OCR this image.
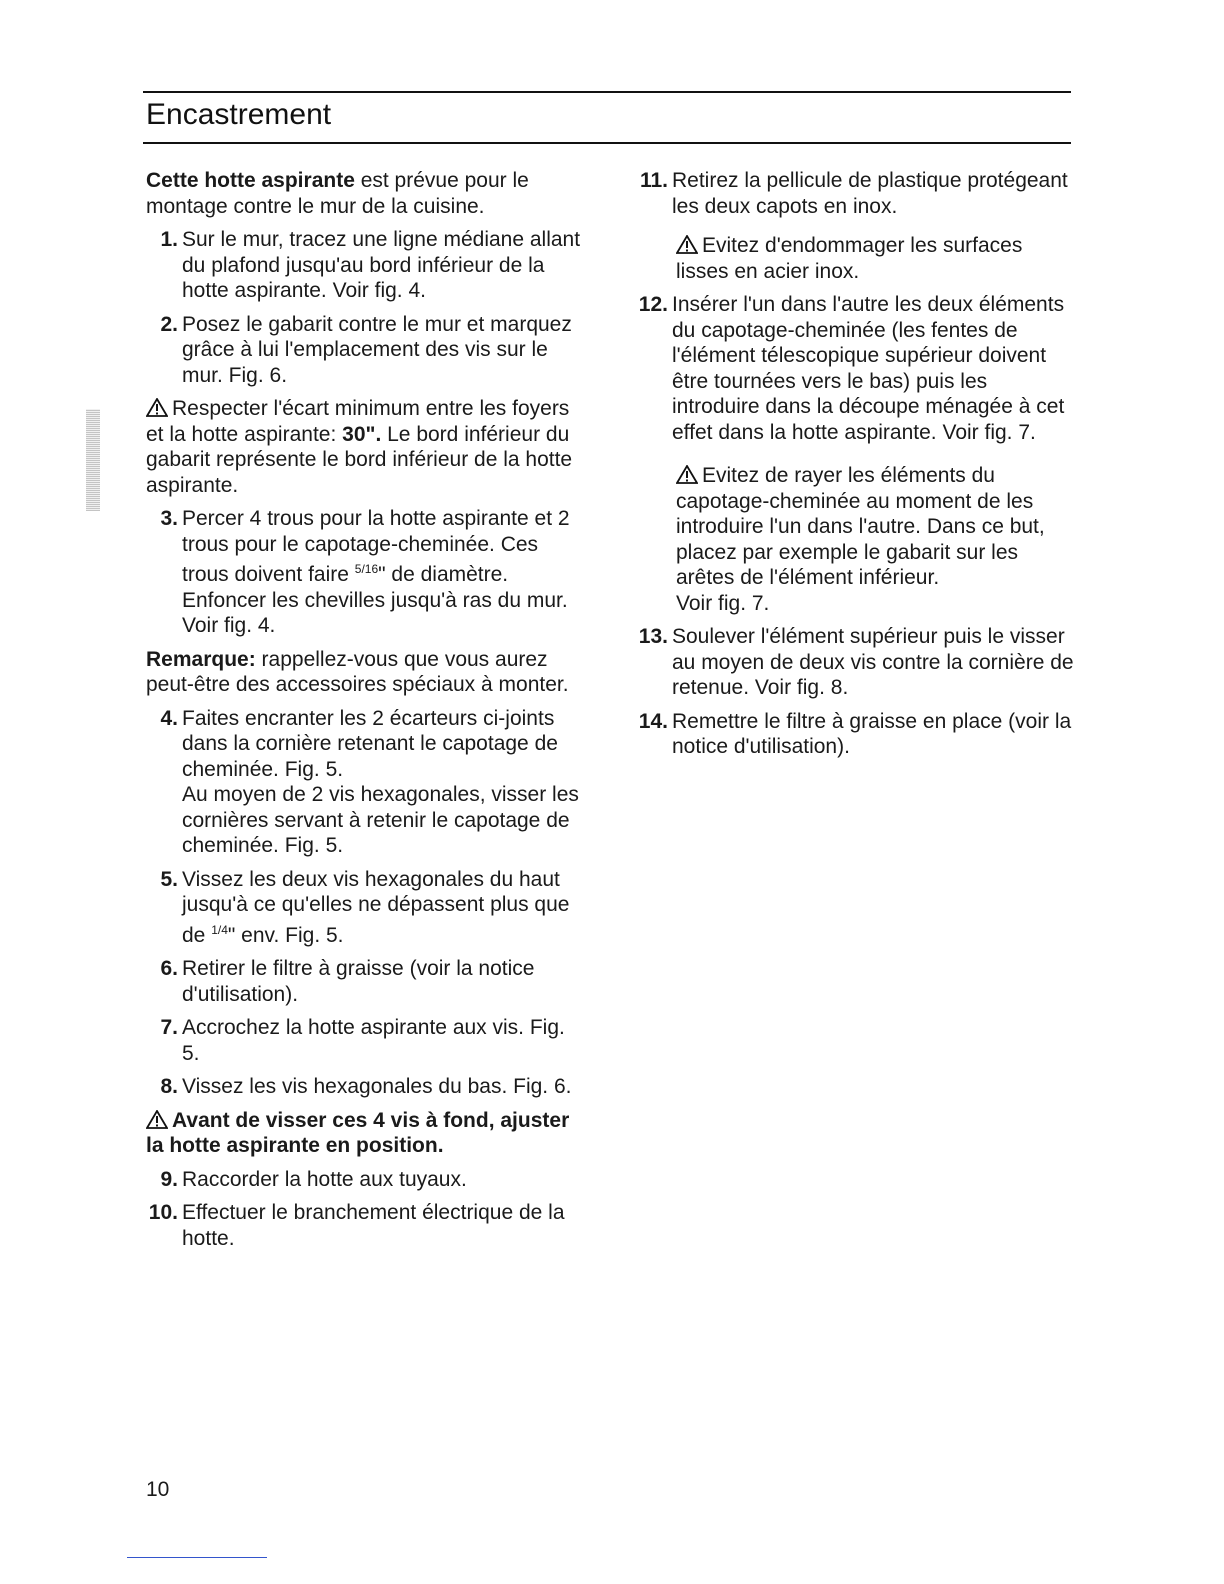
Encastrement

Cette hotte aspirante est prévue pour le montage contre le mur de la cuisine.

1. Sur le mur, tracez une ligne médiane allant du plafond jusqu'au bord inférieur de la hotte aspirante. Voir fig. 4.
2. Posez le gabarit contre le mur et marquez grâce à lui l'emplacement des vis sur le mur. Fig. 6.

Respecter l'écart minimum entre les foyers et la hotte aspirante: 30". Le bord inférieur du gabarit représente le bord inférieur de la hotte aspirante.

3. Percer 4 trous pour la hotte aspirante et 2 trous pour le capotage-cheminée. Ces trous doivent faire $^{5/16}$" de diamètre. Enfoncer les chevilles jusqu'à ras du mur. Voir fig. 4.

Remarque: rappellez-vous que vous aurez peut-être des accessoires spéciaux à monter.

4. Faites encranter les 2 écarteurs ci-joints dans la cornière retenant le capotage de cheminée. Fig. 5.
Au moyen de 2 vis hexagonales, visser les cornières servant à retenir le capotage de cheminée. Fig. 5.
5. Vissez les deux vis hexagonales du haut jusqu'à ce qu'elles ne dépassent plus que de $^{1/4}$" env. Fig. 5.
6. Retirer le filtre à graisse (voir la notice d'utilisation).
7. Accrochez la hotte aspirante aux vis. Fig. 5.
8. Vissez les vis hexagonales du bas. Fig. 6.

Avant de visser ces 4 vis à fond, ajuster la hotte aspirante en position.

9. Raccorder la hotte aux tuyaux.
10. Effectuer le branchement électrique de la hotte.
11. Retirez la pellicule de plastique protégeant les deux capots en inox.

Evitez d'endommager les surfaces lisses en acier inox.

12. Insérer l'un dans l'autre les deux éléments du capotage-cheminée (les fentes de l'élément télescopique supérieur doivent être tournées vers le bas) puis les introduire dans la découpe ménagée à cet effet dans la hotte aspirante. Voir fig. 7.

Evitez de rayer les éléments du capotage-cheminée au moment de les introduire l'un dans l'autre. Dans ce but, placez par exemple le gabarit sur les arêtes de l'élément inférieur.
Voir fig. 7.

13. Soulever l'élément supérieur puis le visser au moyen de deux vis contre la cornière de retenue. Voir fig. 8.
14. Remettre le filtre à graisse en place (voir la notice d'utilisation).
10
